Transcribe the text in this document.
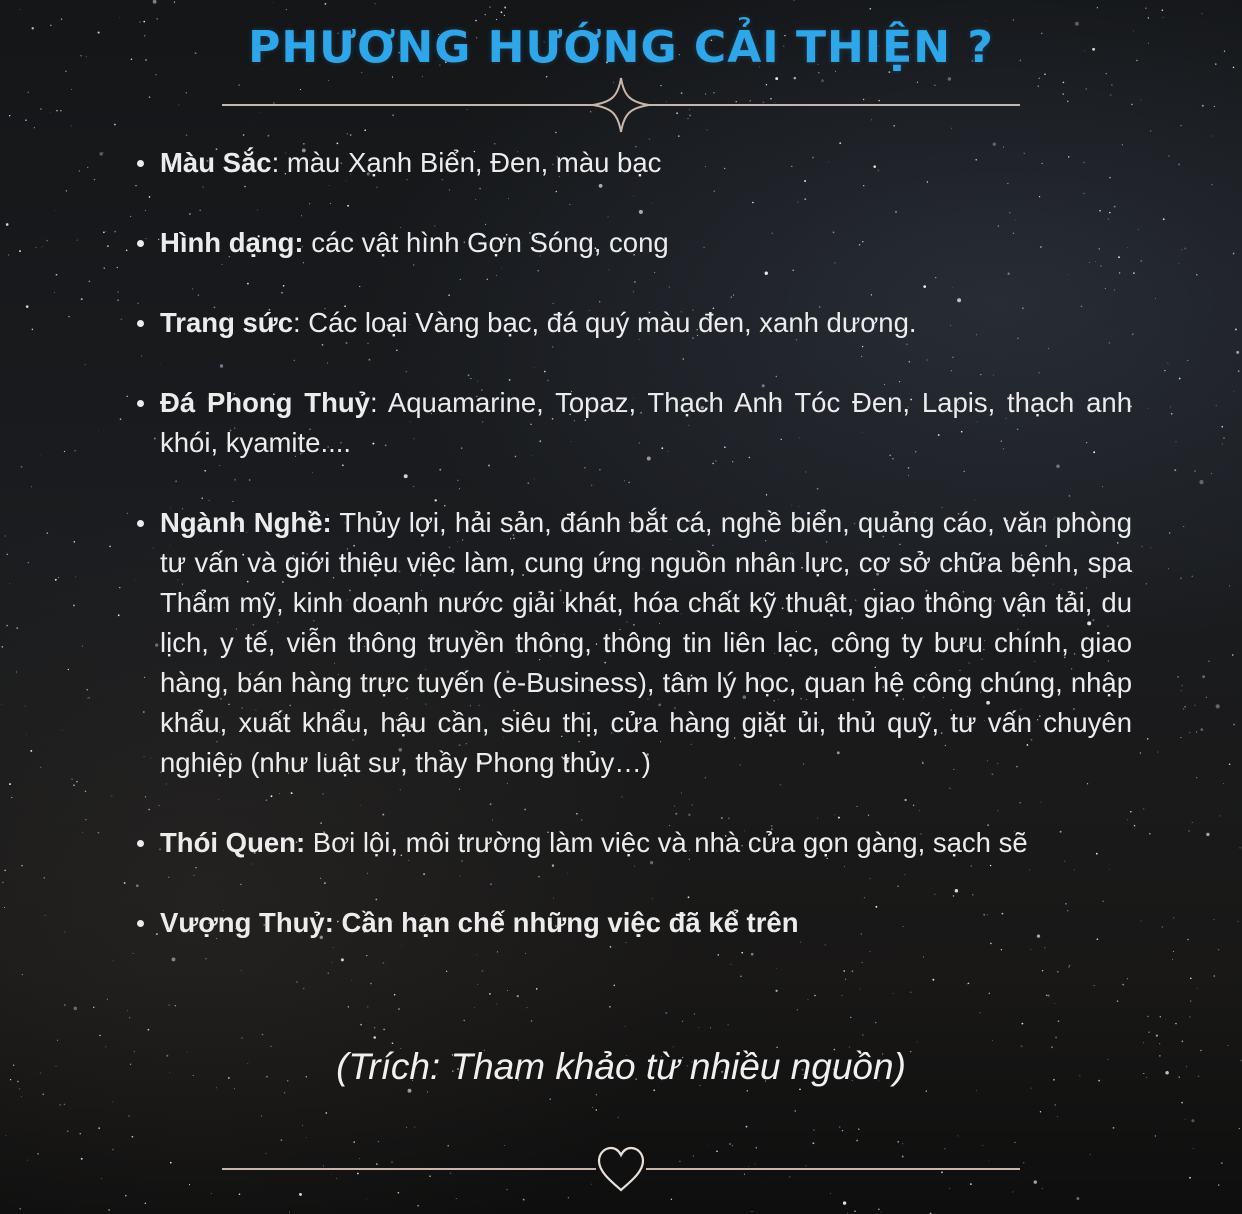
PHƯƠNG HƯỚNG CẢI THIỆN ?
Màu Sắc: màu Xạnh Biển, Đen, màu bạc
Hình dạng: các vật hình Gợn Sóng, cong
Trang sức: Các loại Vàng bạc, đá quý màu đen, xanh dương.
Đá Phong Thuỷ: Aquamarine, Topaz, Thạch Anh Tóc Đen, Lapis, thạch anh khói, kyamite....
Ngành Nghề: Thủy lợi, hải sản, đánh bắt cá, nghề biển, quảng cáo, văn phòng tư vấn và giới thiệu việc làm, cung ứng nguồn nhân lực, cơ sở chữa bệnh, spa Thẩm mỹ, kinh doanh nước giải khát, hóa chất kỹ thuật, giao thông vận tải, du lịch, y tế, viễn thông truyền thông, thông tin liên lạc, công ty bưu chính, giao hàng, bán hàng trực tuyến (e-Business), tâm lý học, quan hệ công chúng, nhập khẩu, xuất khẩu, hậu cần, siêu thị, cửa hàng giặt ủi, thủ quỹ, tư vấn chuyên nghiệp (như luật sư, thầy Phong thủy…)
Thói Quen: Bơi lội, môi trường làm việc và nhà cửa gọn gàng, sạch sẽ
Vượng Thuỷ: Cần hạn chế những việc đã kể trên
(Trích: Tham khảo từ nhiều nguồn)
